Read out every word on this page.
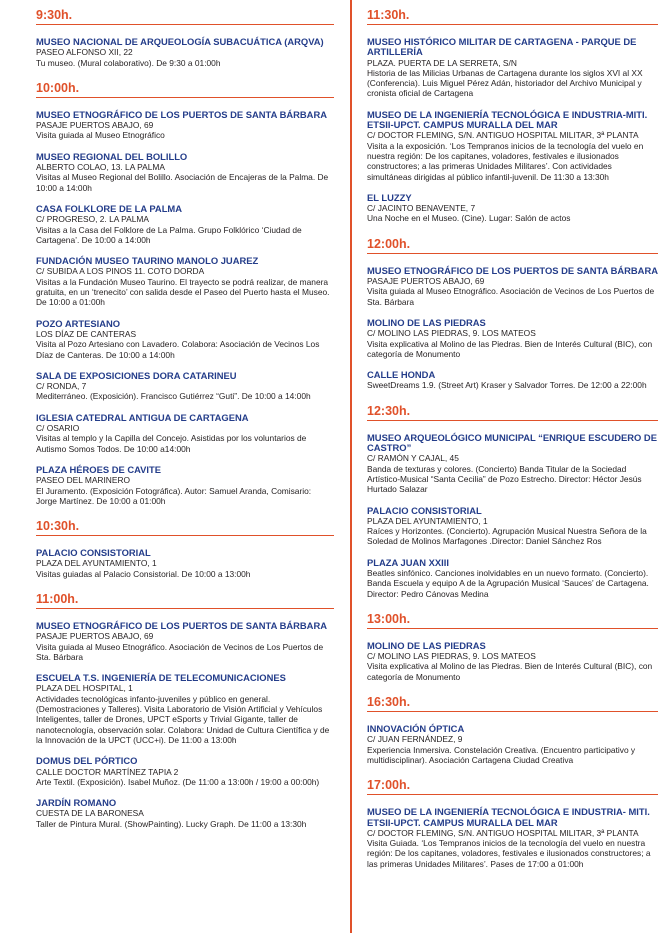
9:30h.
MUSEO NACIONAL DE ARQUEOLOGÍA SUBACUÁTICA (ARQVA)
PASEO ALFONSO XII, 22
Tu museo. (Mural colaborativo). De 9:30 a 01:00h
10:00h.
MUSEO ETNOGRÁFICO DE LOS PUERTOS DE SANTA BÁRBARA
PASAJE PUERTOS ABAJO, 69
Visita guiada al Museo Etnográfico
MUSEO REGIONAL DEL BOLILLO
ALBERTO COLAO, 13. LA PALMA
Visitas al Museo Regional del Bolillo. Asociación de Encajeras de la Palma. De 10:00 a 14:00h
CASA FOLKLORE DE LA PALMA
C/ PROGRESO, 2. LA PALMA
Visitas a la Casa del Folklore de La Palma. Grupo Folklórico ‘Ciudad de Cartagena’. De 10:00 a 14:00h
FUNDACIÓN MUSEO TAURINO MANOLO JUAREZ
C/ SUBIDA A LOS PINOS 11. COTO DORDA
Visitas a la Fundación Museo Taurino. El trayecto se podrá realizar, de manera gratuita, en un ‘trenecito’ con salida desde el Paseo del Puerto hasta el Museo. De 10:00 a 01:00h
POZO ARTESIANO
LOS DÍAZ DE CANTERAS
Visita al Pozo Artesiano con Lavadero. Colabora: Asociación de Vecinos Los Díaz de Canteras. De 10:00 a 14:00h
SALA DE EXPOSICIONES DORA CATARINEU
C/ RONDA, 7
Mediterráneo. (Exposición). Francisco Gutiérrez “Guti”. De 10:00 a 14:00h
IGLESIA CATEDRAL ANTIGUA DE CARTAGENA
C/ OSARIO
Visitas al templo y la Capilla del Concejo. Asistidas por los voluntarios de Autismo Somos Todos. De 10:00 a14:00h
PLAZA HÉROES DE CAVITE
PASEO DEL MARINERO
El Juramento. (Exposición Fotográfica). Autor: Samuel Aranda, Comisario: Jorge Martínez. De 10:00 a 01:00h
10:30h.
PALACIO CONSISTORIAL
PLAZA DEL AYUNTAMIENTO, 1
Visitas guiadas al Palacio Consistorial. De 10:00 a 13:00h
11:00h.
MUSEO ETNOGRÁFICO DE LOS PUERTOS DE SANTA BÁRBARA
PASAJE PUERTOS ABAJO, 69
Visita guiada al Museo Etnográfico. Asociación de Vecinos de Los Puertos de Sta. Bárbara
ESCUELA T.S. INGENIERÍA DE TELECOMUNICACIONES
PLAZA DEL HOSPITAL, 1
Actividades tecnológicas infanto-juveniles y público en general. (Demostraciones y Talleres). Visita Laboratorio de Visión Artificial y Vehículos Inteligentes, taller de Drones, UPCT eSports y Trivial Gigante, taller de nanotecnología, observación solar. Colabora: Unidad de Cultura Científica y de la Innovación de la UPCT (UCC+i). De 11:00 a 13:00h
DOMUS DEL PÓRTICO
CALLE DOCTOR MARTÍNEZ TAPIA 2
Arte Textil. (Exposición). Isabel Muñoz. (De 11:00 a 13:00h / 19:00 a 00:00h)
JARDÍN ROMANO
CUESTA DE LA BARONESA
Taller de Pintura Mural. (ShowPainting). Lucky Graph. De 11:00 a 13:30h
11:30h.
MUSEO HISTÓRICO MILITAR DE CARTAGENA - PARQUE DE ARTILLERÍA
PLAZA. PUERTA DE LA SERRETA, S/N
Historia de las Milicias Urbanas de Cartagena durante los siglos XVI al XX (Conferencia). Luis Miguel Pérez Adán, historiador del Archivo Municipal y cronista oficial de Cartagena
MUSEO DE LA INGENIERÍA TECNOLÓGICA E INDUSTRIA-MITI. ETSII-UPCT. CAMPUS MURALLA DEL MAR
C/ DOCTOR FLEMING, S/N. ANTIGUO HOSPITAL MILITAR, 3ª PLANTA
Visita a la exposición. ‘Los Tempranos inicios de la tecnología del vuelo en nuestra región: De los capitanes, voladores, festivales e ilusionados constructores; a las primeras Unidades Militares’. Con actividades simultáneas dirigidas al público infantil-juvenil. De 11:30 a 13:30h
EL LUZZY
C/ JACINTO BENAVENTE, 7
Una Noche en el Museo. (Cine). Lugar: Salón de actos
12:00h.
MUSEO ETNOGRÁFICO DE LOS PUERTOS DE SANTA BÁRBARA
PASAJE PUERTOS ABAJO, 69
Visita guiada al Museo Etnográfico. Asociación de Vecinos de Los Puertos de Sta. Bárbara
MOLINO DE LAS PIEDRAS
C/ MOLINO LAS PIEDRAS, 9. LOS MATEOS
Visita explicativa al Molino de las Piedras. Bien de Interés Cultural (BIC), con categoría de Monumento
CALLE HONDA
SweetDreams 1.9. (Street Art) Kraser y Salvador Torres. De 12:00 a 22:00h
12:30h.
MUSEO ARQUEOLÓGICO MUNICIPAL “ENRIQUE ESCUDERO DE CASTRO”
C/ RAMÓN Y CAJAL, 45
Banda de texturas y colores. (Concierto) Banda Titular de la Sociedad Artístico-Musical “Santa Cecilia” de Pozo Estrecho. Director: Héctor Jesús Hurtado Salazar
PALACIO CONSISTORIAL
PLAZA DEL AYUNTAMIENTO, 1
Raíces y Horizontes. (Concierto). Agrupación Musical Nuestra Señora de la Soledad de Molinos Marfagones .Director: Daniel Sánchez Ros
PLAZA JUAN XXIII
Beatles sinfónico. Canciones inolvidables en un nuevo formato. (Concierto). Banda Escuela y equipo A de la Agrupación Musical ‘Sauces’ de Cartagena. Director: Pedro Cánovas Medina
13:00h.
MOLINO DE LAS PIEDRAS
C/ MOLINO LAS PIEDRAS, 9. LOS MATEOS
Visita explicativa al Molino de las Piedras. Bien de Interés Cultural (BIC), con categoría de Monumento
16:30h.
INNOVACIÓN ÓPTICA
C/ JUAN FERNÁNDEZ, 9
Experiencia Inmersiva. Constelación Creativa. (Encuentro participativo y multidisciplinar). Asociación Cartagena Ciudad Creativa
17:00h.
MUSEO DE LA INGENIERÍA TECNOLÓGICA E INDUSTRIA- MITI. ETSII-UPCT. CAMPUS MURALLA DEL MAR
C/ DOCTOR FLEMING, S/N. ANTIGUO HOSPITAL MILITAR, 3ª PLANTA
Visita Guiada. ‘Los Tempranos inicios de la tecnología del vuelo en nuestra región: De los capitanes, voladores, festivales e ilusionados constructores; a las primeras Unidades Militares’. Pases de 17:00 a 01:00h
